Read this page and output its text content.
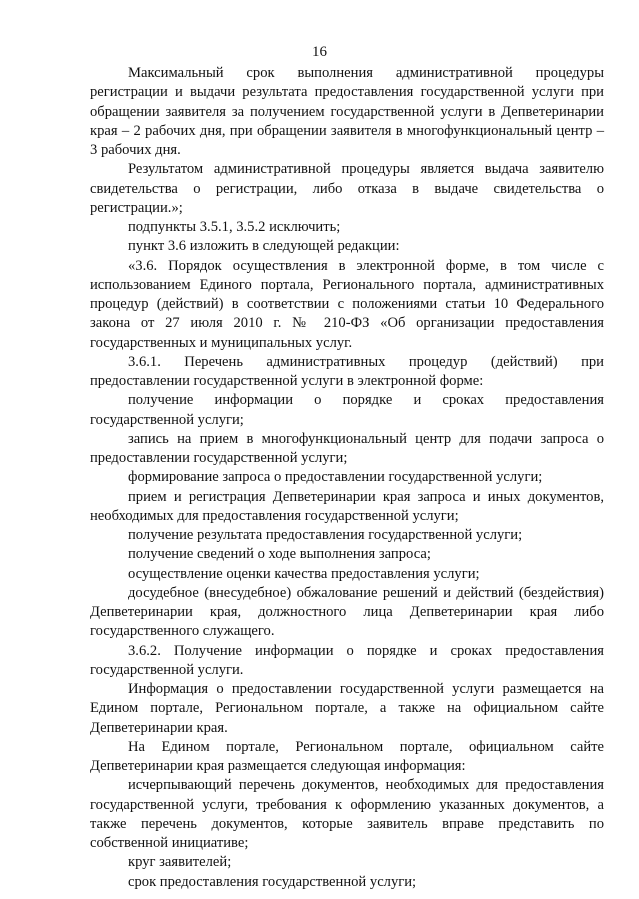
16

Максимальный срок выполнения административной процедуры регистрации и выдачи результата предоставления государственной услуги при обращении заявителя за получением государственной услуги в Депветеринарии края – 2 рабочих дня, при обращении заявителя в многофункциональный центр – 3 рабочих дня.

Результатом административной процедуры является выдача заявителю свидетельства о регистрации, либо отказа в выдаче свидетельства о регистрации.»;

подпункты 3.5.1, 3.5.2 исключить;

пункт 3.6 изложить в следующей редакции:

«3.6. Порядок осуществления в электронной форме, в том числе с использованием Единого портала, Регионального портала, административных процедур (действий) в соответствии с положениями статьи 10 Федерального закона от 27 июля 2010 г. № 210-ФЗ «Об организации предоставления государственных и муниципальных услуг.

3.6.1. Перечень административных процедур (действий) при предоставлении государственной услуги в электронной форме:

получение информации о порядке и сроках предоставления государственной услуги;

запись на прием в многофункциональный центр для подачи запроса о предоставлении государственной услуги;

формирование запроса о предоставлении государственной услуги;

прием и регистрация Депветеринарии края запроса и иных документов, необходимых для предоставления государственной услуги;

получение результата предоставления государственной услуги;

получение сведений о ходе выполнения запроса;

осуществление оценки качества предоставления услуги;

досудебное (внесудебное) обжалование решений и действий (бездействия) Депветеринарии края, должностного лица Депветеринарии края либо государственного служащего.

3.6.2. Получение информации о порядке и сроках предоставления государственной услуги.

Информация о предоставлении государственной услуги размещается на Едином портале, Региональном портале, а также на официальном сайте Депветеринарии края.

На Едином портале, Региональном портале, официальном сайте Депветеринарии края размещается следующая информация:

исчерпывающий перечень документов, необходимых для предоставления государственной услуги, требования к оформлению указанных документов, а также перечень документов, которые заявитель вправе представить по собственной инициативе;

круг заявителей;

срок предоставления государственной услуги;
